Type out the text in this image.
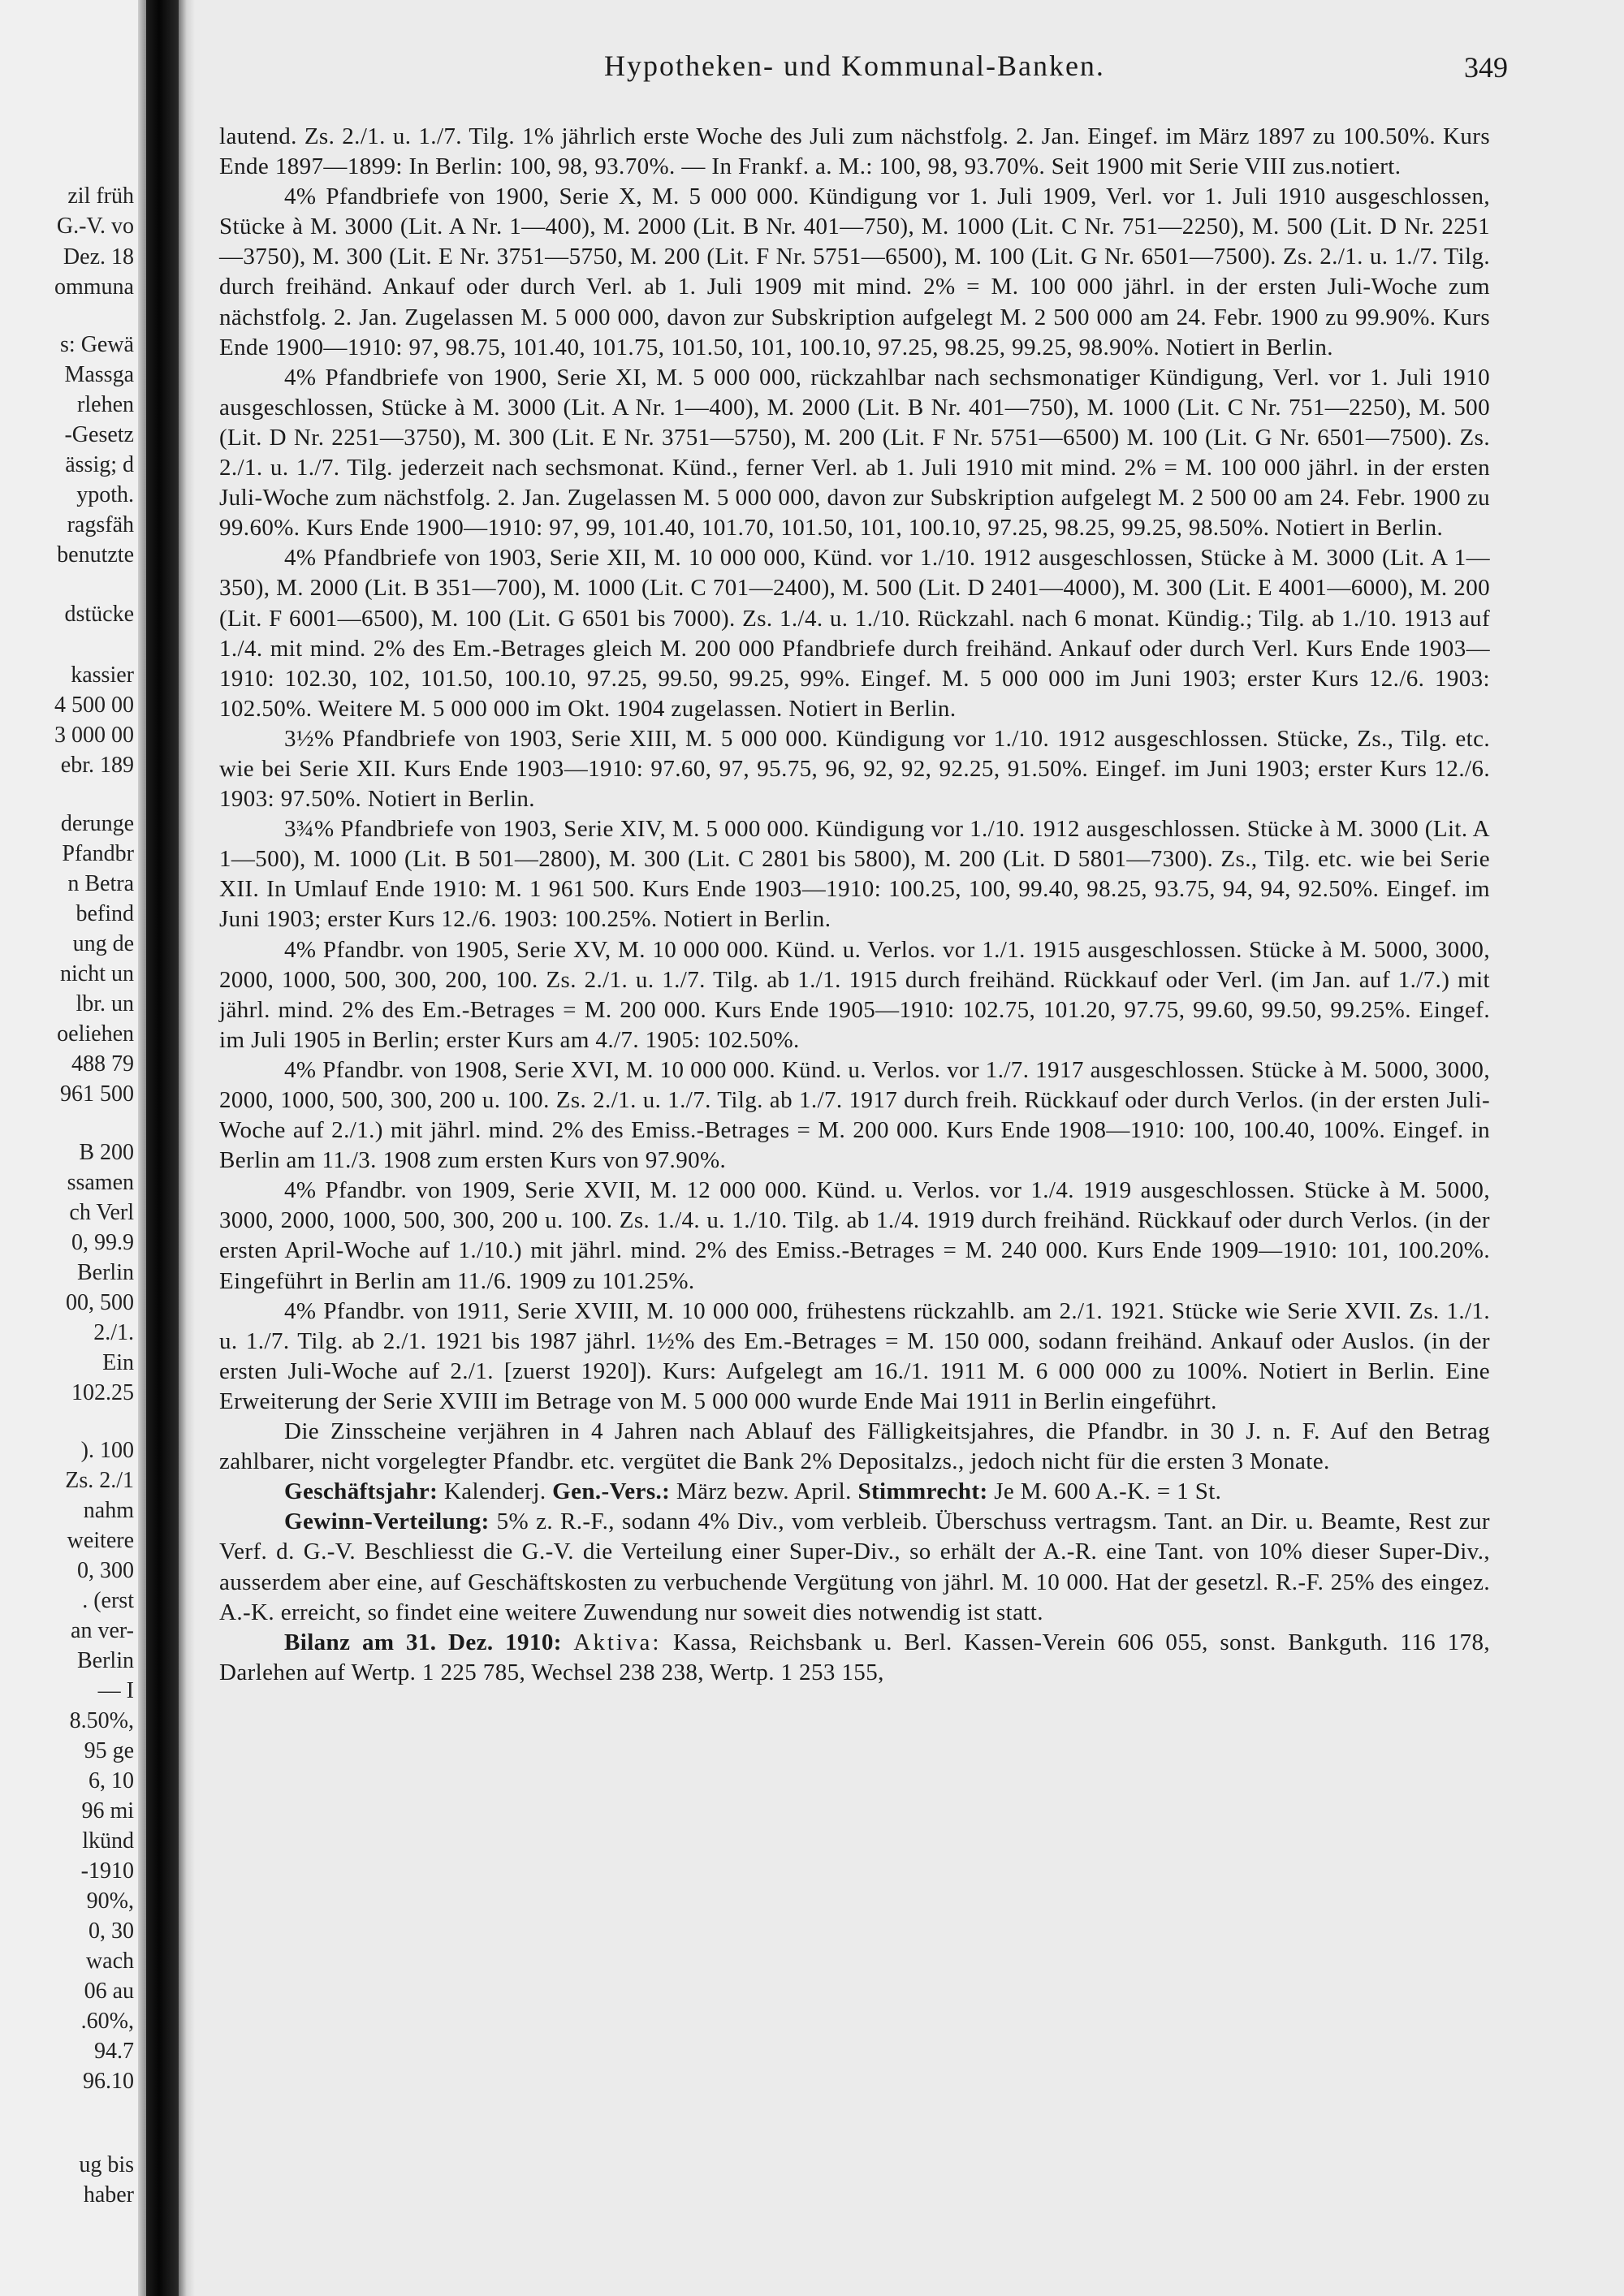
zil früh
G.-V. vo
Dez. 18
ommuna
s: Gewä
Massga
rlehen
-Gesetz
ässig; d
ypoth.
ragsfäh
benutzte
dstücke
kassier
4 500 00
3 000 00
ebr. 189
derunge
Pfandbr
n Betra
befind
ung de
nicht un
lbr. un
oeliehen
488 79
961 500
B 200
ssamen
ch Verl
0, 99.9
Berlin
00, 500
2./1.
Ein
102.25
). 100
Zs. 2./1
nahm
weitere
0, 300
. (erst
an ver-
Berlin
— I
8.50%,
95 ge
6, 10
96 mi
lkünd
-1910
90%,
0, 30
wach
06 au
.60%,
94.7
96.10
ug bis
haber
Hypotheken- und Kommunal-Banken.	349

lautend. Zs. 2./1. u. 1./7. Tilg. 1% jährlich erste Woche des Juli zum nächstfolg. 2. Jan. Eingef. im März 1897 zu 100.50%. Kurs Ende 1897—1899: In Berlin: 100, 98, 93.70%. — In Frankf. a. M.: 100, 98, 93.70%. Seit 1900 mit Serie VIII zus.notiert.

4% Pfandbriefe von 1900, Serie X, M. 5 000 000. Kündigung vor 1. Juli 1909, Verl. vor 1. Juli 1910 ausgeschlossen, Stücke à M. 3000 (Lit. A Nr. 1—400), M. 2000 (Lit. B Nr. 401—750), M. 1000 (Lit. C Nr. 751—2250), M. 500 (Lit. D Nr. 2251—3750), M. 300 (Lit. E Nr. 3751—5750, M. 200 (Lit. F Nr. 5751—6500), M. 100 (Lit. G Nr. 6501—7500). Zs. 2./1. u. 1./7. Tilg. durch freihänd. Ankauf oder durch Verl. ab 1. Juli 1909 mit mind. 2% = M. 100 000 jährl. in der ersten Juli-Woche zum nächstfolg. 2. Jan. Zugelassen M. 5 000 000, davon zur Subskription aufgelegt M. 2 500 000 am 24. Febr. 1900 zu 99.90%. Kurs Ende 1900—1910: 97, 98.75, 101.40, 101.75, 101.50, 101, 100.10, 97.25, 98.25, 99.25, 98.90%. Notiert in Berlin.

4% Pfandbriefe von 1900, Serie XI, M. 5 000 000, rückzahlbar nach sechsmonatiger Kündigung, Verl. vor 1. Juli 1910 ausgeschlossen, Stücke à M. 3000 (Lit. A Nr. 1—400), M. 2000 (Lit. B Nr. 401—750), M. 1000 (Lit. C Nr. 751—2250), M. 500 (Lit. D Nr. 2251—3750), M. 300 (Lit. E Nr. 3751—5750), M. 200 (Lit. F Nr. 5751—6500) M. 100 (Lit. G Nr. 6501—7500). Zs. 2./1. u. 1./7. Tilg. jederzeit nach sechsmonat. Künd., ferner Verl. ab 1. Juli 1910 mit mind. 2% = M. 100 000 jährl. in der ersten Juli-Woche zum nächstfolg. 2. Jan. Zugelassen M. 5 000 000, davon zur Subskription aufgelegt M. 2 500 00 am 24. Febr. 1900 zu 99.60%. Kurs Ende 1900—1910: 97, 99, 101.40, 101.70, 101.50, 101, 100.10, 97.25, 98.25, 99.25, 98.50%. Notiert in Berlin.

4% Pfandbriefe von 1903, Serie XII, M. 10 000 000, Künd. vor 1./10. 1912 ausgeschlossen, Stücke à M. 3000 (Lit. A 1—350), M. 2000 (Lit. B 351—700), M. 1000 (Lit. C 701—2400), M. 500 (Lit. D 2401—4000), M. 300 (Lit. E 4001—6000), M. 200 (Lit. F 6001—6500), M. 100 (Lit. G 6501 bis 7000). Zs. 1./4. u. 1./10. Rückzahl. nach 6 monat. Kündig.; Tilg. ab 1./10. 1913 auf 1./4. mit mind. 2% des Em.-Betrages gleich M. 200 000 Pfandbriefe durch freihänd. Ankauf oder durch Verl. Kurs Ende 1903—1910: 102.30, 102, 101.50, 100.10, 97.25, 99.50, 99.25, 99%. Eingef. M. 5 000 000 im Juni 1903; erster Kurs 12./6. 1903: 102.50%. Weitere M. 5 000 000 im Okt. 1904 zugelassen. Notiert in Berlin.

3½% Pfandbriefe von 1903, Serie XIII, M. 5 000 000. Kündigung vor 1./10. 1912 ausgeschlossen. Stücke, Zs., Tilg. etc. wie bei Serie XII. Kurs Ende 1903—1910: 97.60, 97, 95.75, 96, 92, 92, 92.25, 91.50%. Eingef. im Juni 1903; erster Kurs 12./6. 1903: 97.50%. Notiert in Berlin.

3¾% Pfandbriefe von 1903, Serie XIV, M. 5 000 000. Kündigung vor 1./10. 1912 ausgeschlossen. Stücke à M. 3000 (Lit. A 1—500), M. 1000 (Lit. B 501—2800), M. 300 (Lit. C 2801 bis 5800), M. 200 (Lit. D 5801—7300). Zs., Tilg. etc. wie bei Serie XII. In Umlauf Ende 1910: M. 1 961 500. Kurs Ende 1903—1910: 100.25, 100, 99.40, 98.25, 93.75, 94, 94, 92.50%. Eingef. im Juni 1903; erster Kurs 12./6. 1903: 100.25%. Notiert in Berlin.

4% Pfandbr. von 1905, Serie XV, M. 10 000 000. Künd. u. Verlos. vor 1./1. 1915 ausgeschlossen. Stücke à M. 5000, 3000, 2000, 1000, 500, 300, 200, 100. Zs. 2./1. u. 1./7. Tilg. ab 1./1. 1915 durch freihänd. Rückkauf oder Verl. (im Jan. auf 1./7.) mit jährl. mind. 2% des Em.-Betrages = M. 200 000. Kurs Ende 1905—1910: 102.75, 101.20, 97.75, 99.60, 99.50, 99.25%. Eingef. im Juli 1905 in Berlin; erster Kurs am 4./7. 1905: 102.50%.

4% Pfandbr. von 1908, Serie XVI, M. 10 000 000. Künd. u. Verlos. vor 1./7. 1917 ausgeschlossen. Stücke à M. 5000, 3000, 2000, 1000, 500, 300, 200 u. 100. Zs. 2./1. u. 1./7. Tilg. ab 1./7. 1917 durch freih. Rückkauf oder durch Verlos. (in der ersten Juli-Woche auf 2./1.) mit jährl. mind. 2% des Emiss.-Betrages = M. 200 000. Kurs Ende 1908—1910: 100, 100.40, 100%. Eingef. in Berlin am 11./3. 1908 zum ersten Kurs von 97.90%.

4% Pfandbr. von 1909, Serie XVII, M. 12 000 000. Künd. u. Verlos. vor 1./4. 1919 ausgeschlossen. Stücke à M. 5000, 3000, 2000, 1000, 500, 300, 200 u. 100. Zs. 1./4. u. 1./10. Tilg. ab 1./4. 1919 durch freihänd. Rückkauf oder durch Verlos. (in der ersten April-Woche auf 1./10.) mit jährl. mind. 2% des Emiss.-Betrages = M. 240 000. Kurs Ende 1909—1910: 101, 100.20%. Eingeführt in Berlin am 11./6. 1909 zu 101.25%.

4% Pfandbr. von 1911, Serie XVIII, M. 10 000 000, frühestens rückzahlb. am 2./1. 1921. Stücke wie Serie XVII. Zs. 1./1. u. 1./7. Tilg. ab 2./1. 1921 bis 1987 jährl. 1½% des Em.-Betrages = M. 150 000, sodann freihänd. Ankauf oder Auslos. (in der ersten Juli-Woche auf 2./1. [zuerst 1920]). Kurs: Aufgelegt am 16./1. 1911 M. 6 000 000 zu 100%. Notiert in Berlin. Eine Erweiterung der Serie XVIII im Betrage von M. 5 000 000 wurde Ende Mai 1911 in Berlin eingeführt.

Die Zinsscheine verjähren in 4 Jahren nach Ablauf des Fälligkeitsjahres, die Pfandbr. in 30 J. n. F. Auf den Betrag zahlbarer, nicht vorgelegter Pfandbr. etc. vergütet die Bank 2% Depositalzs., jedoch nicht für die ersten 3 Monate.

Geschäftsjahr: Kalenderj. Gen.-Vers.: März bezw. April. Stimmrecht: Je M. 600 A.-K. = 1 St.

Gewinn-Verteilung: 5% z. R.-F., sodann 4% Div., vom verbleib. Überschuss vertragsm. Tant. an Dir. u. Beamte, Rest zur Verf. d. G.-V. Beschliesst die G.-V. die Verteilung einer Super-Div., so erhält der A.-R. eine Tant. von 10% dieser Super-Div., ausserdem aber eine, auf Geschäftskosten zu verbuchende Vergütung von jährl. M. 10 000. Hat der gesetzl. R.-F. 25% des eingez. A.-K. erreicht, so findet eine weitere Zuwendung nur soweit dies notwendig ist statt.

Bilanz am 31. Dez. 1910: Aktiva: Kassa, Reichsbank u. Berl. Kassen-Verein 606 055, sonst. Bankguth. 116 178, Darlehen auf Wertp. 1 225 785, Wechsel 238 238, Wertp. 1 253 155,
